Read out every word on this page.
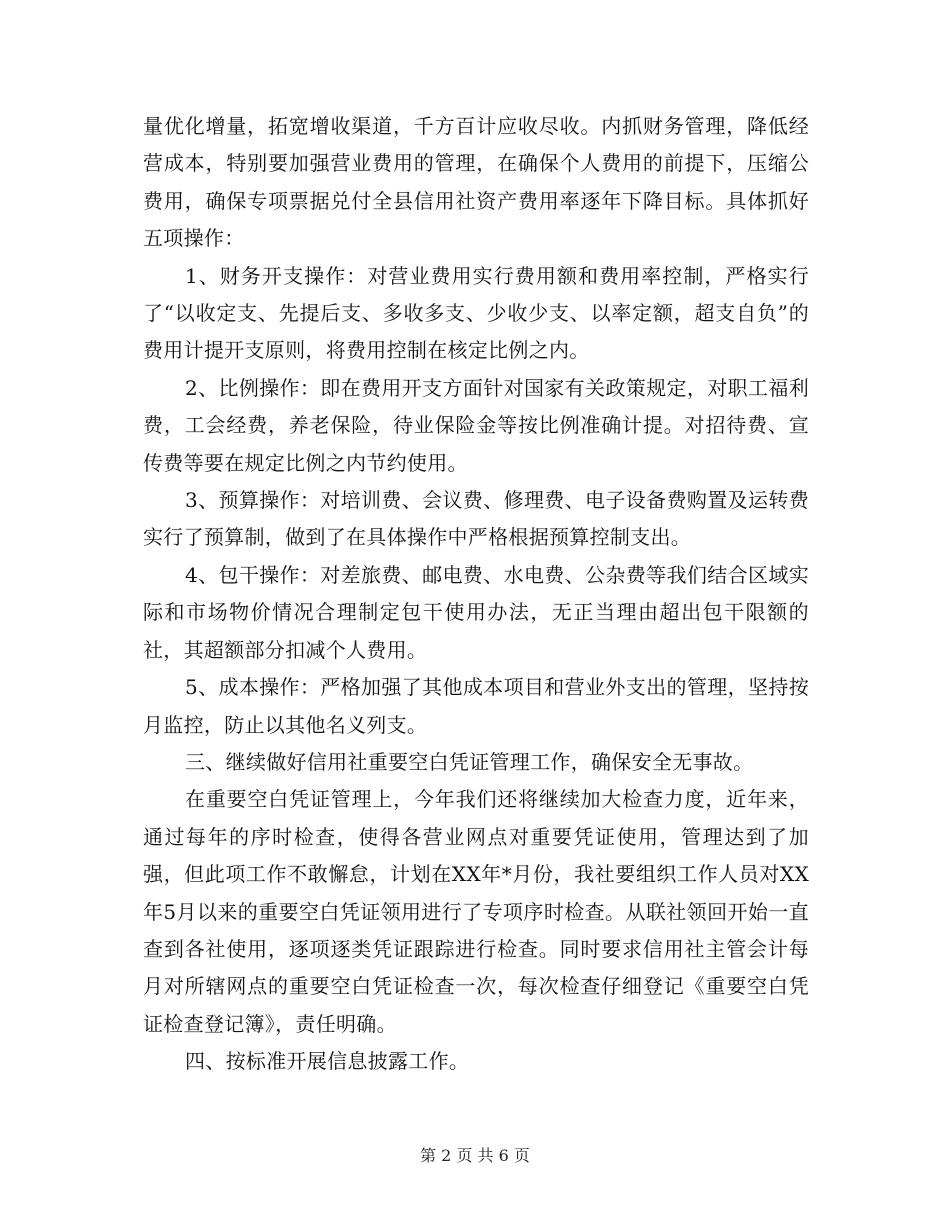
量优化增量，拓宽增收渠道，千方百计应收尽收。内抓财务管理，降低经营成本，特别要加强营业费用的管理，在确保个人费用的前提下，压缩公费用，确保专项票据兑付全县信用社资产费用率逐年下降目标。具体抓好五项操作：

1、财务开支操作：对营业费用实行费用额和费用率控制，严格实行了“以收定支、先提后支、多收多支、少收少支、以率定额，超支自负”的费用计提开支原则，将费用控制在核定比例之内。

2、比例操作：即在费用开支方面针对国家有关政策规定，对职工福利费，工会经费，养老保险，待业保险金等按比例准确计提。对招待费、宣传费等要在规定比例之内节约使用。

3、预算操作：对培训费、会议费、修理费、电子设备费购置及运转费实行了预算制，做到了在具体操作中严格根据预算控制支出。

4、包干操作：对差旅费、邮电费、水电费、公杂费等我们结合区域实际和市场物价情况合理制定包干使用办法，无正当理由超出包干限额的社，其超额部分扣减个人费用。

5、成本操作：严格加强了其他成本项目和营业外支出的管理，坚持按月监控，防止以其他名义列支。

三、继续做好信用社重要空白凭证管理工作，确保安全无事故。

在重要空白凭证管理上，今年我们还将继续加大检查力度，近年来，通过每年的序时检查，使得各营业网点对重要凭证使用，管理达到了加强，但此项工作不敢懈怠，计划在XX年*月份，我社要组织工作人员对XX年5月以来的重要空白凭证领用进行了专项序时检查。从联社领回开始一直查到各社使用，逐项逐类凭证跟踪进行检查。同时要求信用社主管会计每月对所辖网点的重要空白凭证检查一次，每次检查仔细登记《重要空白凭证检查登记簿》，责任明确。

四、按标准开展信息披露工作。

第 2 页 共 6 页
